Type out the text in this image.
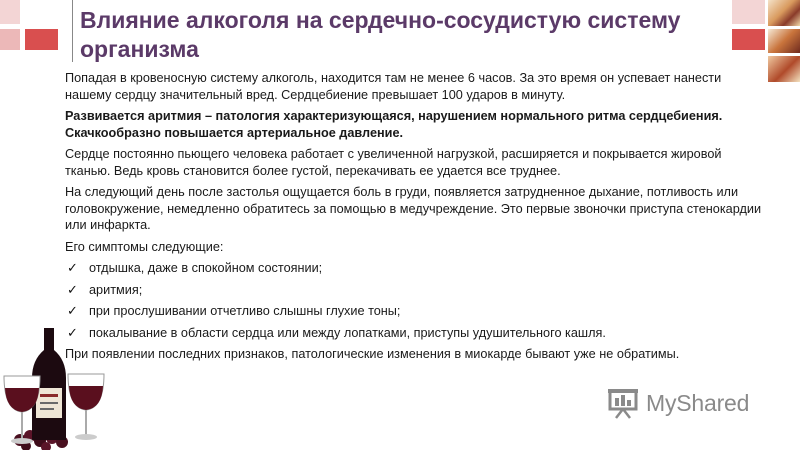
Влияние алкоголя на сердечно-сосудистую систему организма

Попадая в кровеносную систему алкоголь, находится там не менее 6 часов. За это время он успевает нанести нашему сердцу значительный вред. Сердцебиение превышает 100 ударов в минуту.

Развивается аритмия – патология характеризующаяся, нарушением нормального ритма сердцебиения. Скачкообразно повышается артериальное давление.

Сердце постоянно пьющего человека работает с увеличенной нагрузкой, расширяется и покрывается жировой тканью. Ведь кровь становится более густой, перекачивать ее удается все труднее.

На следующий день после застолья ощущается боль в груди, появляется затрудненное дыхание, потливость или головокружение, немедленно обратитесь за помощью в медучреждение. Это первые звоночки приступа стенокардии или инфаркта.

Его симптомы следующие:

✓ отдышка, даже в спокойном состоянии;
✓ аритмия;
✓ при прослушивании отчетливо слышны глухие тоны;
✓ покалывание в области сердца или между лопатками, приступы удушительного кашля.

При появлении последних признаков, патологические изменения в миокарде бывают уже не обратимы.

MyShared
